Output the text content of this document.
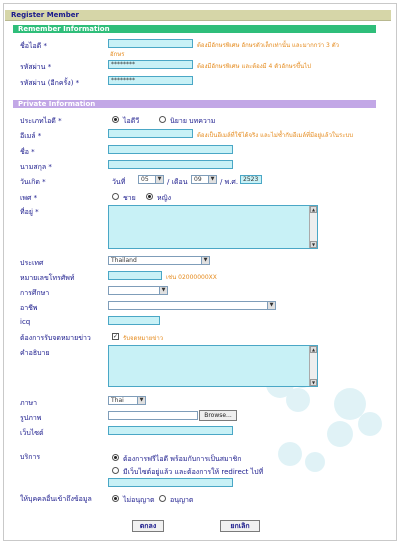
Register Member
Remember Information
ชื่อไอดี *	ต้องมีอักษรพิเศษ อักษรตัวเล็กเท่านั้น และมากกว่า 3 ตัว
อักษร
รหัสผ่าน *	********	ต้องมีอักษรพิเศษ และต้องมี 4 ตัวอักษรขึ้นไป
รหัสผ่าน (อีกครั้ง) *	********
Private Information
ประเภทไอดี *	ไอดีวี	นิยาย บทความ
อีเมล์ *	ต้องเป็นอีเมล์ที่ใช้ได้จริง และไม่ซ้ำกับอีเมล์ที่มีอยู่แล้วในระบบ
ชื่อ *
นามสกุล *
วันเกิด *	วันที่	05	▼ / เดือน	09	▼ / พ.ศ. 2523
เพศ *	ชาย	หญิง
ที่อยู่ *	▲
▼
ประเทศ	Thailand	▼
หมายเลขโทรศัพท์	เช่น 02000000XX
การศึกษา	▼
อาชีพ	▼
icq
ต้องการรับจดหมายข่าว	✓ รับจดหมายข่าว
คำอธิบาย	▲
▼
ภาษา	Thai	▼
รูปภาพ	Browse...
เว็บไซต์
บริการ	ต้องการฟรีไอดี พร้อมกับการเป็นสมาชิก
มีเว็บไซต์อยู่แล้ว และต้องการให้ redirect ไปที่
ให้บุคคลอื่นเข้าถึงข้อมูล	ไม่อนุญาต อนุญาต
ตกลง	ยกเลิก
